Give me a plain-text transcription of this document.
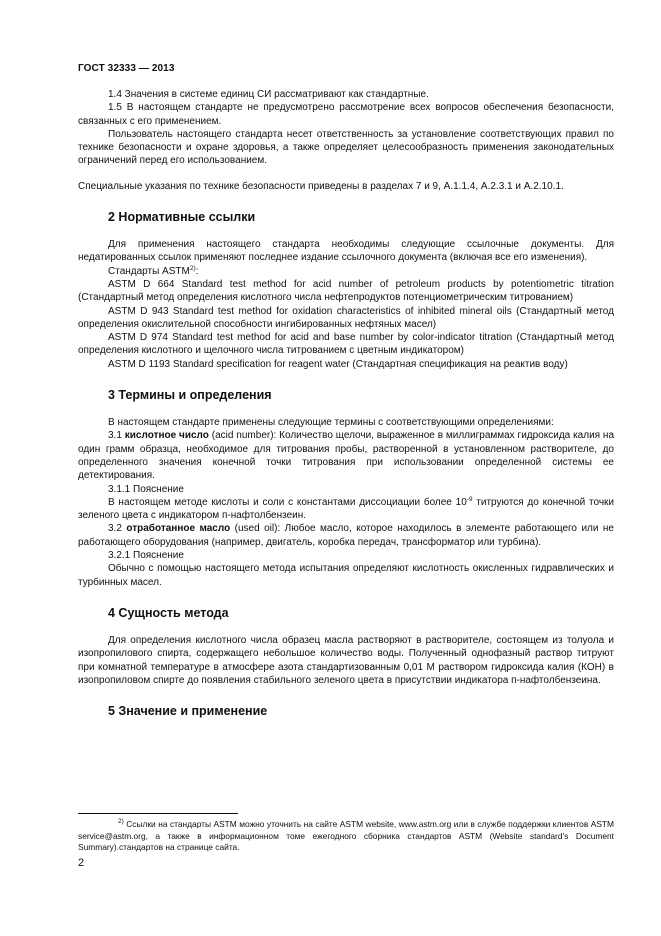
ГОСТ 32333 — 2013

1.4 Значения в системе единиц СИ рассматривают как стандартные.

1.5 В настоящем стандарте не предусмотрено рассмотрение всех вопросов обеспечения безопасности, связанных с его применением.

Пользователь настоящего стандарта несет ответственность за установление соответствующих правил по технике безопасности и охране здоровья, а также определяет целесообразность применения законодательных ограничений перед его использованием.

Специальные указания по технике безопасности приведены в разделах 7 и 9, А.1.1.4, А.2.3.1 и А.2.10.1.

2 Нормативные ссылки

Для применения настоящего стандарта необходимы следующие ссылочные документы. Для недатированных ссылок применяют последнее издание ссылочного документа (включая все его изменения).

Стандарты ASTM$^{2)}$:

ASTM D 664 Standard test method for acid number of petroleum products by potentiometric titration (Стандартный метод определения кислотного числа нефтепродуктов потенциометрическим титрованием)

ASTM D 943 Standard test method for oxidation characteristics of inhibited mineral oils (Стандартный метод определения окислительной способности ингибированных нефтяных масел)

ASTM D 974 Standard test method for acid and base number by color-indicator titration (Стандартный метод определения кислотного и щелочного числа титрованием с цветным индикатором)

ASTM D 1193 Standard specification for reagent water (Стандартная спецификация на реактив воду)

3 Термины и определения

В настоящем стандарте применены следующие термины с соответствующими определениями:

3.1 кислотное число (acid number): Количество щелочи, выраженное в миллиграммах гидроксида калия на один грамм образца, необходимое для титрования пробы, растворенной в установленном растворителе, до определенного значения конечной точки титрования при использовании определенной системы ее детектирования.

3.1.1 Пояснение

В настоящем методе кислоты и соли с константами диссоциации более $10^{-9}$ титруются до конечной точки зеленого цвета с индикатором п-нафтолбензеин.

3.2 отработанное масло (used oil): Любое масло, которое находилось в элементе работающего или не работающего оборудования (например, двигатель, коробка передач, трансформатор или турбина).

3.2.1 Пояснение

Обычно с помощью настоящего метода испытания определяют кислотность окисленных гидравлических и турбинных масел.

4 Сущность метода

Для определения кислотного числа образец масла растворяют в растворителе, состоящем из толуола и изопропилового спирта, содержащего небольшое количество воды. Полученный однофазный раствор титруют при комнатной температуре в атмосфере азота стандартизованным 0,01 М раствором гидроксида калия (КОН) в изопропиловом спирте до появления стабильного зеленого цвета в присутствии индикатора п-нафтолбензеина.

5 Значение и применение

$^{2)}$ Ссылки на стандарты ASTM можно уточнить на сайте ASTM website, www.astm.org или в службе поддержки клиентов ASTM service@astm.org, а также в информационном томе ежегодного сборника стандартов ASTM (Website standard’s Document Summary).стандартов на странице сайта.

2
